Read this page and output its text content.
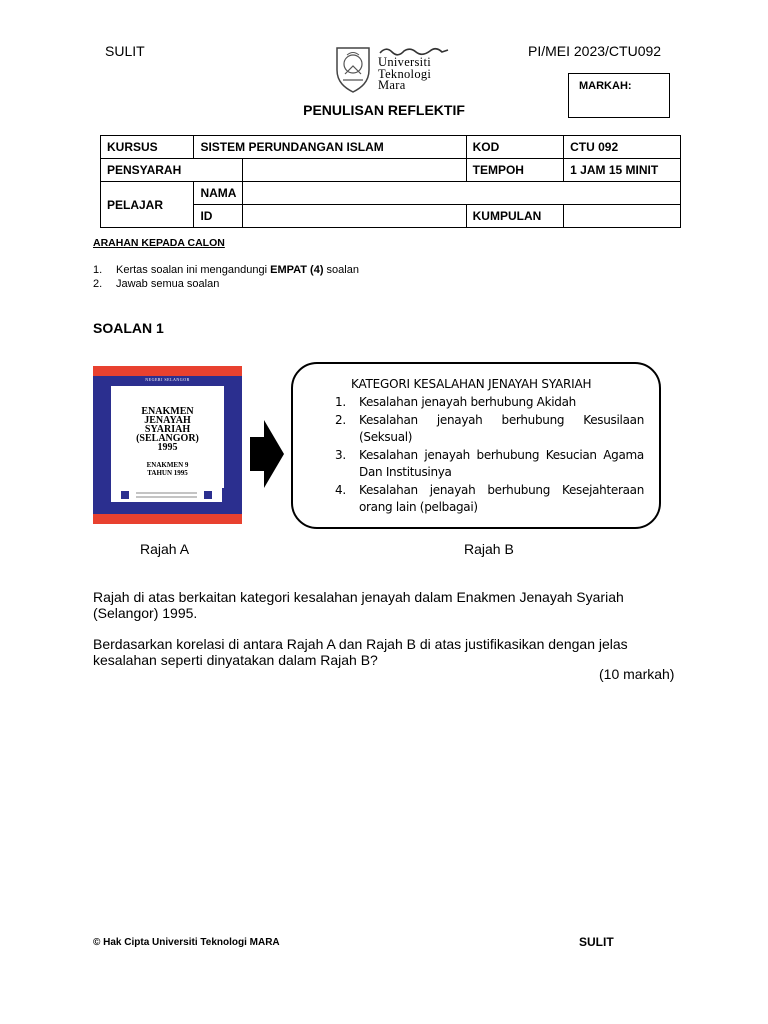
SULIT	PI/MEI 2023/CTU092
Universiti
Teknologi
Mara	MARKAH:
PENULISAN REFLEKTIF
KURSUS	SISTEM PERUNDANGAN ISLAM		KOD	CTU 092
PENSYARAH			TEMPOH	1 JAM 15 MINIT
PELAJAR	NAMA			
	ID		KUMPULAN	
ARAHAN KEPADA CALON
1. Kertas soalan ini mengandungi EMPAT (4) soalan
2. Jawab semua soalan
SOALAN 1
NEGERI SELANGOR
ENAKMEN
JENAYAH
SYARIAH
(SELANGOR)
1995
ENAKMEN 9
TAHUN 1995
KATEGORI KESALAHAN JENAYAH SYARIAH
1. Kesalahan jenayah berhubung Akidah
2. Kesalahan jenayah berhubung Kesusilaan (Seksual)
3. Kesalahan jenayah berhubung Kesucian Agama Dan Institusinya
4. Kesalahan jenayah berhubung Kesejahteraan orang lain (pelbagai)
Rajah A	Rajah B
Rajah di atas berkaitan kategori kesalahan jenayah dalam Enakmen Jenayah Syariah (Selangor) 1995.
Berdasarkan korelasi di antara Rajah A dan Rajah B di atas justifikasikan dengan jelas kesalahan seperti dinyatakan dalam Rajah B?
(10 markah)
© Hak Cipta Universiti Teknologi MARA	SULIT
